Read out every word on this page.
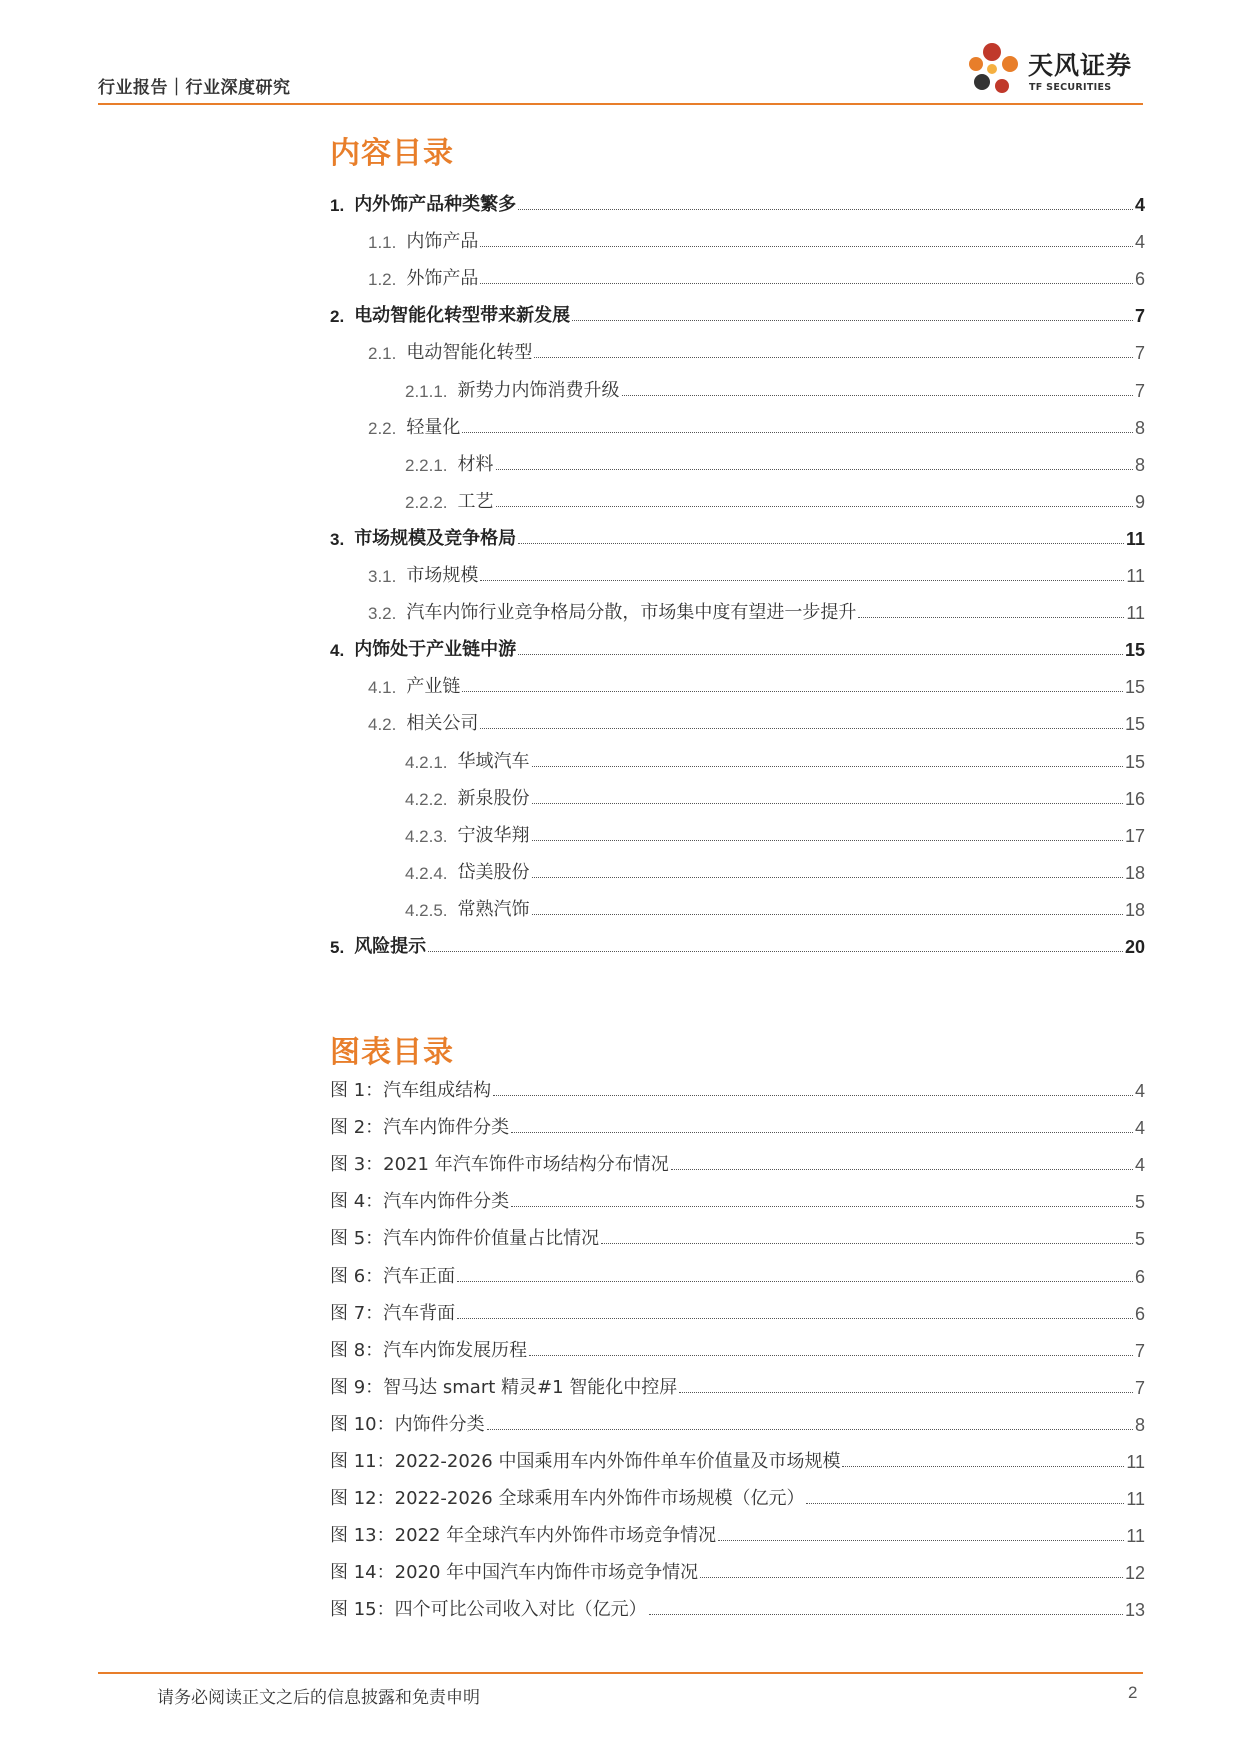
行业报告｜行业深度研究
天风证券
TF SECURITIES
内容目录
1. 内外饰产品种类繁多	4
1.1. 内饰产品	4
1.2. 外饰产品	6
2. 电动智能化转型带来新发展	7
2.1. 电动智能化转型	7
2.1.1. 新势力内饰消费升级	7
2.2. 轻量化	8
2.2.1. 材料	8
2.2.2. 工艺	9
3. 市场规模及竞争格局	11
3.1. 市场规模	11
3.2. 汽车内饰行业竞争格局分散，市场集中度有望进一步提升	11
4. 内饰处于产业链中游	15
4.1. 产业链	15
4.2. 相关公司	15
4.2.1. 华域汽车	15
4.2.2. 新泉股份	16
4.2.3. 宁波华翔	17
4.2.4. 岱美股份	18
4.2.5. 常熟汽饰	18
5. 风险提示	20
图表目录
图 1：汽车组成结构	4
图 2：汽车内饰件分类	4
图 3：2021 年汽车饰件市场结构分布情况	4
图 4：汽车内饰件分类	5
图 5：汽车内饰件价值量占比情况	5
图 6：汽车正面	6
图 7：汽车背面	6
图 8：汽车内饰发展历程	7
图 9：智马达 smart 精灵#1 智能化中控屏	7
图 10：内饰件分类	8
图 11：2022-2026 中国乘用车内外饰件单车价值量及市场规模	11
图 12：2022-2026 全球乘用车内外饰件市场规模（亿元）	11
图 13：2022 年全球汽车内外饰件市场竞争情况	11
图 14：2020 年中国汽车内饰件市场竞争情况	12
图 15：四个可比公司收入对比（亿元）	13
请务必阅读正文之后的信息披露和免责申明	2
